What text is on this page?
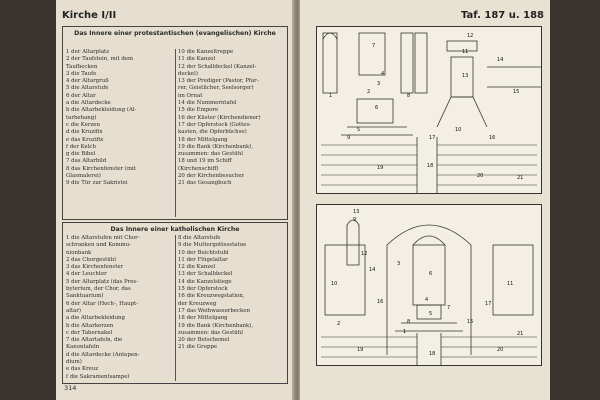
Kirche I/II
Das Innere einer protestantischen (evangelischen) Kirche
1 der Altarplatz
2 der Taufstein, mit dem
Taufbecken
3 die Taufe
4 der Altargruß
5 die Altarstufe
6 der Altar
a die Altardecke
b die Altarbekleidung (Al-
tarbehang)
c die Kerzen
d die Kruzifix
e das Kruzifix
f der Kelch
g die Bibel
7 das Altarbild
8 das Kirchenfenster (mit
Glasmalerei)
9 die Tür zur Sakristei
10 die Kanzeltreppe
11 die Kanzel
12 der Schalldeckel (Kanzel-
deckel)
13 der Prediger (Pastor, Pfar-
rer, Geistlicher, Seelsorger)
im Ornat
14 die Nummerntafel
15 die Empore
16 der Küster (Kirchendiener)
17 der Opferstock (Gottes-
kasten, die Opferbüchse)
18 der Mittelgang
19 die Bank (Kirchenbank),
zusammen: das Gestühl
18 und 19 im Schiff
(Kirchenschiff)
20 der Kirchenbesucher
21 das Gesangbuch
Das Innere einer katholischen Kirche
1 die Altarstufen mit Chor-
schranken und Kommu-
nionbank
2 das Chorgestühl
3 das Kirchenfenster
4 der Leuchter
5 der Altarplatz (das Pres-
byterium, der Chor, das
Sanktuarium)
6 der Altar (Hoch-, Haupt-
altar)
a die Altarbekleidung
b die Altarkerzen
c der Tabernakel
7 die Altartafeln, die
Kanontafeln
d die Altardecke (Antepen-
dium)
e das Kreuz
f die Sakramentsampel
8 die Altarstufe
9 die Muttergottesstatue
10 der Beichtstuhl
11 der Flügelaltar
12 die Kanzel
13 der Schalldeckel
14 die Kanzelstiege
15 der Opferstock
16 die Kreuzwegstation,
der Kreuzweg
17 das Weihwasserbecken
18 der Mittelgang
19 die Bank (Kirchenbank),
zusammen: das Gestühl
20 der Betschemel
21 die Gruppe
314
Taf. 187 u. 188
1
2
3
4
5
6
7
8
9
10
11
12
13
14
15
16
17
18
19
20	21
1
2
3
4
5
6
7
8
9
10	11
12
13
14
15
16	17
18
19	20
21
